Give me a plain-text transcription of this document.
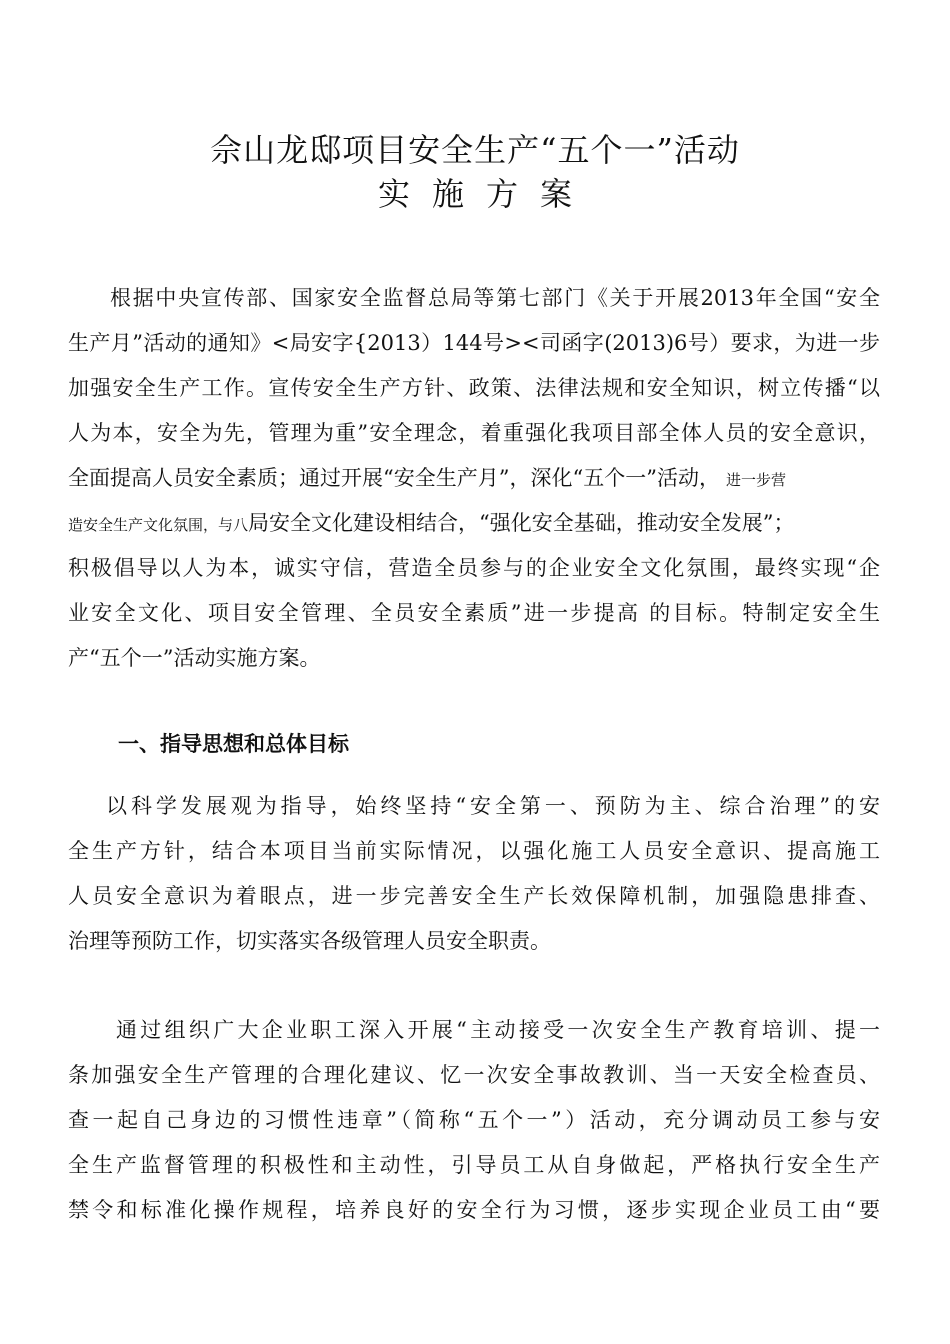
佘山龙邸项目安全生产“五个一”活动
实施方案
根据中央宣传部、国家安全监督总局等第七部门《关于开展2013年全国“安全
生产月”活动的通知》<局安字{2013）144号><司函字(2013)6号）要求，为进一步
加强安全生产工作。宣传安全生产方针、政策、法律法规和安全知识，树立传播“以
人为本，安全为先，管理为重”安全理念，着重强化我项目部全体人员的安全意识，
全面提高人员安全素质；通过开展“安全生产月”，深化“五个一”活动， 进一步营
造安全生产文化氛围，与八局安全文化建设相结合，“强化安全基础，推动安全发展”；
积极倡导以人为本，诚实守信，营造全员参与的企业安全文化氛围，最终实现“企
业安全文化、项目安全管理、全员安全素质”进一步提高 的目标。特制定安全生
产“五个一”活动实施方案。
一、指导思想和总体目标
以科学发展观为指导，始终坚持“安全第一、预防为主、综合治理”的安
全生产方针，结合本项目当前实际情况，以强化施工人员安全意识、提高施工
人员安全意识为着眼点，进一步完善安全生产长效保障机制，加强隐患排查、
治理等预防工作，切实落实各级管理人员安全职责。
通过组织广大企业职工深入开展“主动接受一次安全生产教育培训、提一
条加强安全生产管理的合理化建议、忆一次安全事故教训、当一天安全检查员、
查一起自己身边的习惯性违章”（简称“五个一”）活动，充分调动员工参与安
全生产监督管理的积极性和主动性，引导员工从自身做起，严格执行安全生产
禁令和标准化操作规程，培养良好的安全行为习惯，逐步实现企业员工由“要
